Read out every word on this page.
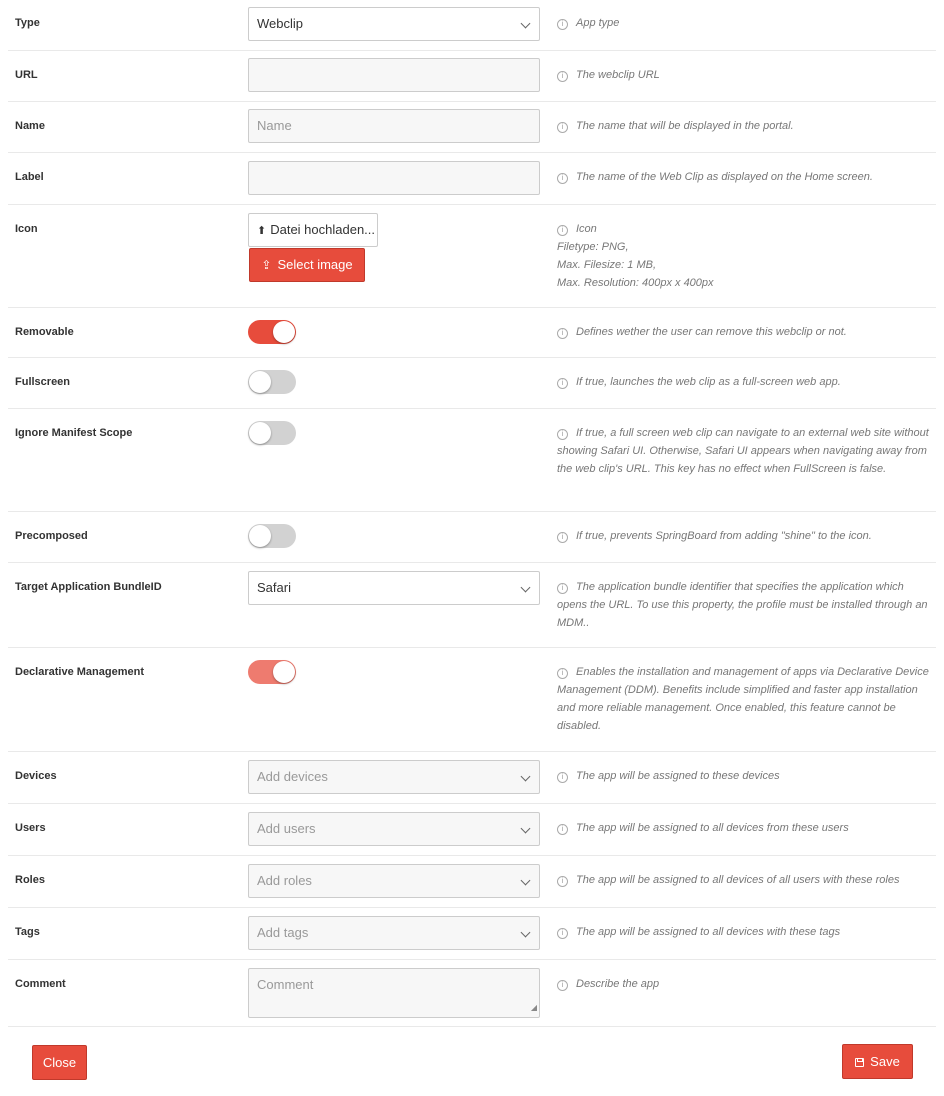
Type	Webclip	i App type
URL	i The webclip URL
Name	Name	i The name that will be displayed in the portal.
Label	i The name of the Web Clip as displayed on the Home screen.
Icon	⬆ Datei hochladen...
⇪ Select image
i Icon
Filetype: PNG,
Max. Filesize: 1 MB,
Max. Resolution: 400px x 400px
Removable	i Defines wether the user can remove this webclip or not.
Fullscreen	i If true, launches the web clip as a full-screen web app.
Ignore Manifest Scope	i If true, a full screen web clip can navigate to an external web site without showing Safari UI. Otherwise, Safari UI appears when navigating away from the web clip's URL. This key has no effect when FullScreen is false.
Precomposed	i If true, prevents SpringBoard from adding "shine" to the icon.
Target Application BundleID	Safari	i The application bundle identifier that specifies the application which opens the URL. To use this property, the profile must be installed through an MDM..
Declarative Management	i Enables the installation and management of apps via Declarative Device Management (DDM). Benefits include simplified and faster app installation and more reliable management. Once enabled, this feature cannot be disabled.
Devices	Add devices	i The app will be assigned to these devices
Users	Add users	i The app will be assigned to all devices from these users
Roles	Add roles	i The app will be assigned to all devices of all users with these roles
Tags	Add tags	i The app will be assigned to all devices with these tags
Comment	Comment
◢
i Describe the app
Close	Save
